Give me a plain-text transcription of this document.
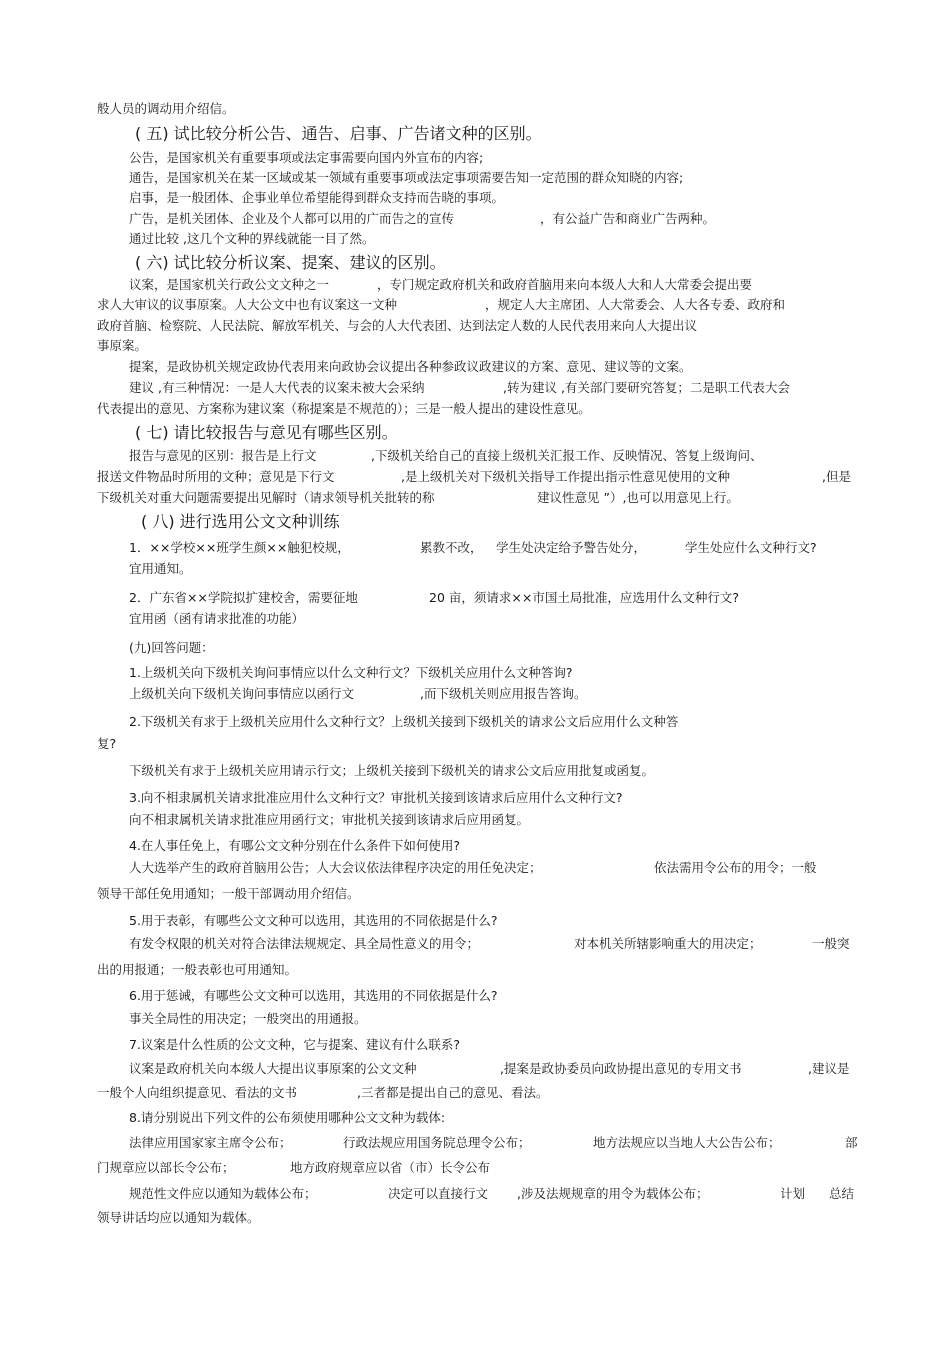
般人员的调动用介绍信。
( 五) 试比较分析公告、通告、启事、广告诸文种的区别。
公告，是国家机关有重要事项或法定事需要向国内外宣布的内容;
通告，是国家机关在某一区域或某一领域有重要事项或法定事项需要告知一定范围的群众知晓的内容;
启事，是一般团体、企事业单位希望能得到群众支持而告晓的事项。
广告，是机关团体、企业及个人都可以用的广而告之的宣传	，有公益广告和商业广告两种。
通过比较 ,这几个文种的界线就能一目了然。
( 六) 试比较分析议案、提案、建议的区别。
议案，是国家机关行政公文文种之一	，专门规定政府机关和政府首脑用来向本级人大和人大常委会提出要
求人大审议的议事原案。人大公文中也有议案这一文种	，规定人大主席团、人大常委会、人大各专委、政府和
政府首脑、检察院、人民法院、解放军机关、与会的人大代表团、达到法定人数的人民代表用来向人大提出议
事原案。
提案，是政协机关规定政协代表用来向政协会议提出各种参政议政建议的方案、意见、建议等的文案。
建议 ,有三种情况：一是人大代表的议案未被大会采纳	,转为建议 ,有关部门要研究答复；二是职工代表大会
代表提出的意见、方案称为建议案（称提案是不规范的）；三是一般人提出的建设性意见。
( 七) 请比较报告与意见有哪些区别。
报告与意见的区别：报告是上行文	,下级机关给自己的直接上级机关汇报工作、反映情况、答复上级询问、
报送文件物品时所用的文种；意见是下行文	,是上级机关对下级机关指导工作提出指示性意见使用的文种	,但是
下级机关对重大问题需要提出见解时（请求领导机关批转的称	建议性意见 ”）,也可以用意见上行。
( 八) 进行选用公文文种训练
1．××学校××班学生颜××触犯校规，	累教不改， 学生处决定给予警告处分，	学生处应什么文种行文?
宜用通知。
2．广东省××学院拟扩建校舍，需要征地	20 亩，须请求××市国土局批准，应选用什么文种行文?
宜用函（函有请求批准的功能）
(九)回答问题：
1.上级机关向下级机关询问事情应以什么文种行文？下级机关应用什么文种答询?
上级机关向下级机关询问事情应以函行文	,而下级机关则应用报告答询。
2.下级机关有求于上级机关应用什么文种行文？上级机关接到下级机关的请求公文后应用什么文种答
复?
下级机关有求于上级机关应用请示行文；上级机关接到下级机关的请求公文后应用批复或函复。
3.向不相隶属机关请求批准应用什么文种行文？审批机关接到该请求后应用什么文种行文?
向不相隶属机关请求批准应用函行文；审批机关接到该请求后应用函复。
4.在人事任免上，有哪公文文种分别在什么条件下如何使用?
人大选举产生的政府首脑用公告；人大会议依法律程序决定的用任免决定；	依法需用令公布的用令；一般
领导干部任免用通知；一般干部调动用介绍信。
5.用于表彰，有哪些公文文种可以选用，其选用的不同依据是什么?
有发令权限的机关对符合法律法规规定、具全局性意义的用令；	对本机关所辖影响重大的用决定；	一般突
出的用报通；一般表彰也可用通知。
6.用于惩诫，有哪些公文文种可以选用，其选用的不同依据是什么?
事关全局性的用决定；一般突出的用通报。
7.议案是什么性质的公文文种，它与提案、建议有什么联系?
议案是政府机关向本级人大提出议事原案的公文文种	,提案是政协委员向政协提出意见的专用文书	,建议是
一般个人向组织提意见、看法的文书	,三者都是提出自己的意见、看法。
8.请分别说出下列文件的公布须使用哪种公文文种为载体:
法律应用国家家主席令公布；	行政法规应用国务院总理令公布；	地方法规应以当地人大公告公布；	部
门规章应以部长令公布；	地方政府规章应以省（市）长令公布
规范性文件应以通知为载体公布；	决定可以直接行文 ,涉及法规规章的用令为载体公布；	计划 总结
领导讲话均应以通知为载体。
